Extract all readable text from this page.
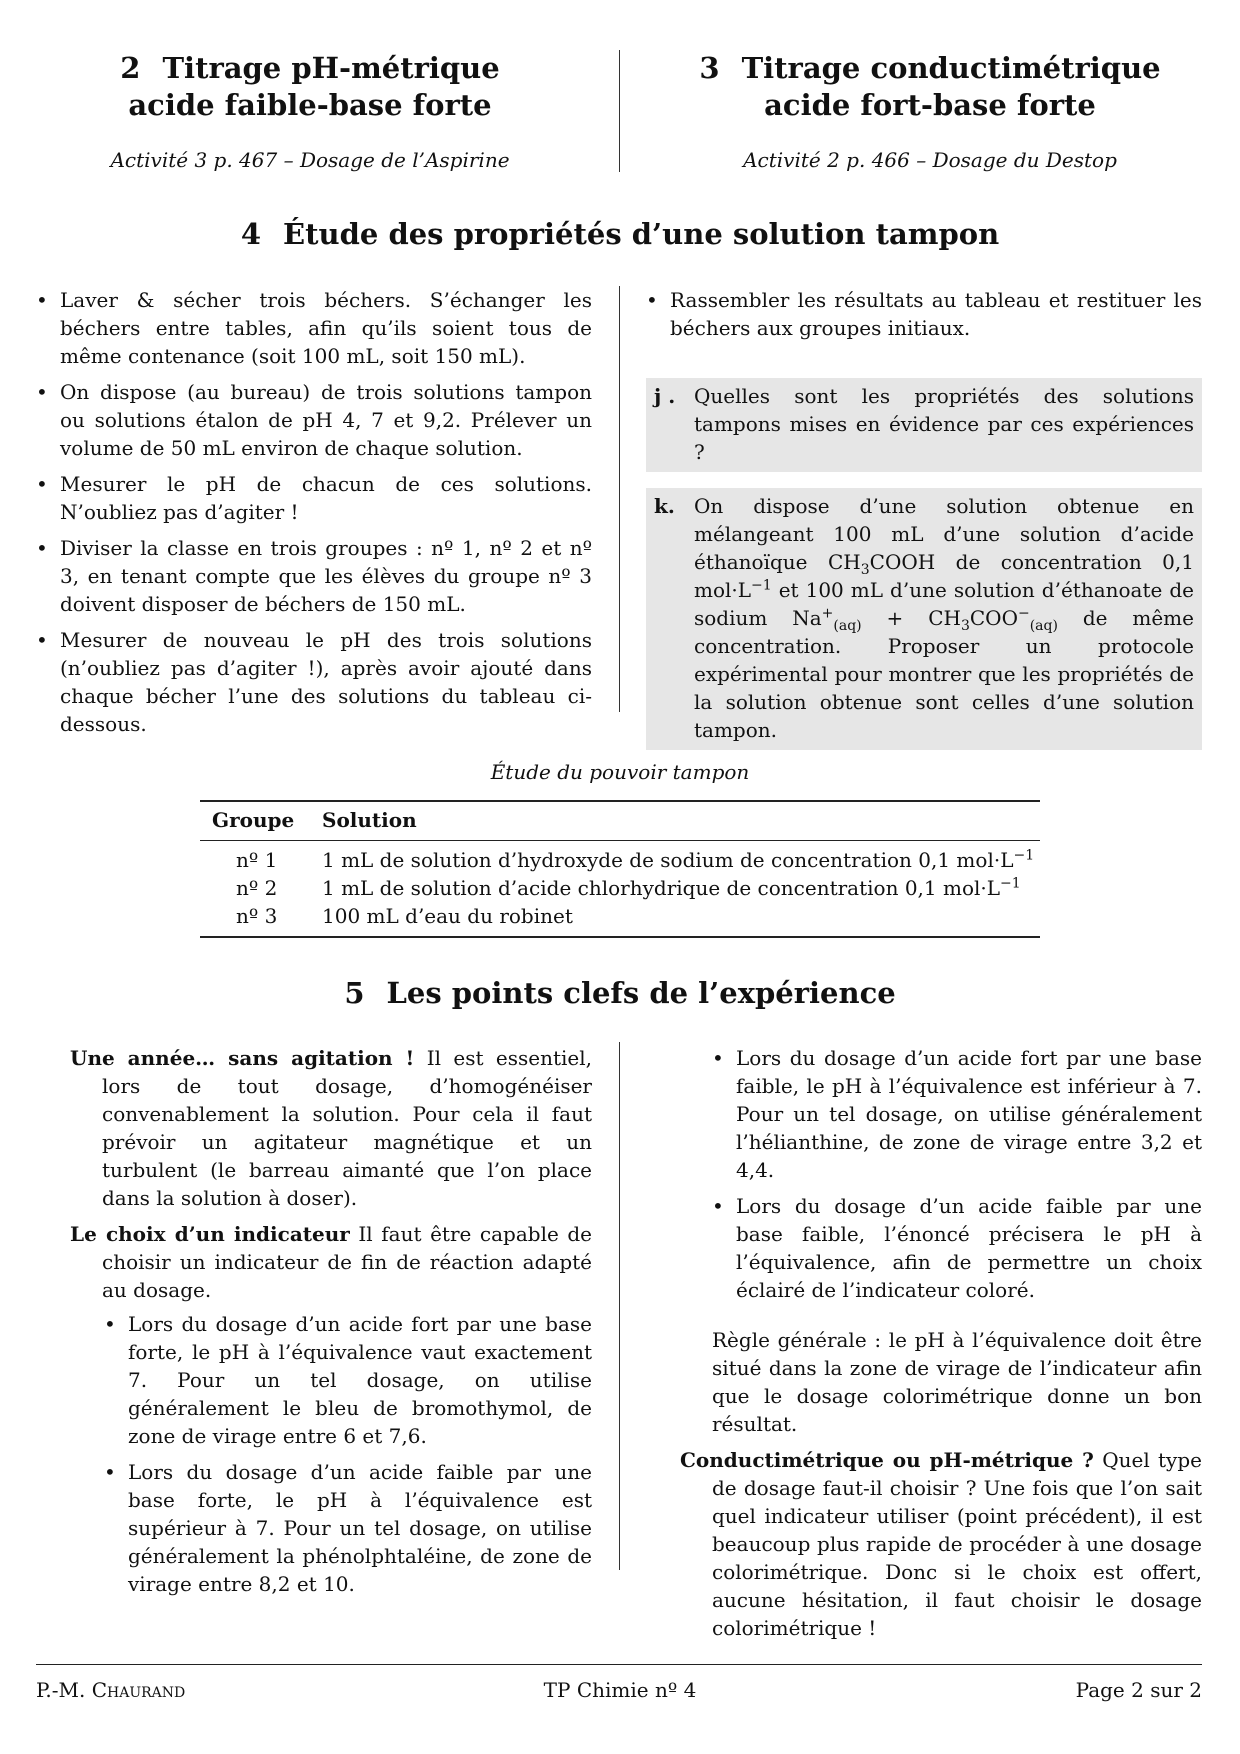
2 Titrage pH-métrique
acide faible-base forte
Activité 3 p. 467 – Dosage de l’Aspirine
3 Titrage conductimétrique
acide fort-base forte
Activité 2 p. 466 – Dosage du Destop
4 Étude des propriétés d’une solution tampon
• Laver & sécher trois béchers. S’échanger les béchers entre tables, afin qu’ils soient tous de même contenance (soit 100 mL, soit 150 mL).
• On dispose (au bureau) de trois solutions tampon ou solutions étalon de pH 4, 7 et 9,2. Prélever un volume de 50 mL environ de chaque solution.
• Mesurer le pH de chacun de ces solutions. N’oubliez pas d’agiter !
• Diviser la classe en trois groupes : nº 1, nº 2 et nº 3, en tenant compte que les élèves du groupe nº 3 doivent disposer de béchers de 150 mL.
• Mesurer de nouveau le pH des trois solutions (n’oubliez pas d’agiter !), après avoir ajouté dans chaque bécher l’une des solutions du tableau ci-dessous.
• Rassembler les résultats au tableau et restituer les béchers aux groupes initiaux.
j . Quelles sont les propriétés des solutions tampons mises en évidence par ces expériences ?
k. On dispose d’une solution obtenue en mélangeant 100 mL d’une solution d’acide éthanoïque $CH_3COOH$ de concentration 0,1 $mol\cdot L^{-1}$ et 100 mL d’une solution d’éthanoate de sodium $Na^+_{(aq)} + CH_3COO^-_{(aq)}$ de même concentration. Proposer un protocole expérimental pour montrer que les propriétés de la solution obtenue sont celles d’une solution tampon.
Étude du pouvoir tampon
Groupe Solution
nº 1 1 mL de solution d’hydroxyde de sodium de concentration 0,1 $mol\cdot L^{-1}$
nº 2 1 mL de solution d’acide chlorhydrique de concentration 0,1 $mol\cdot L^{-1}$
nº 3 100 mL d’eau du robinet
5 Les points clefs de l’expérience
Une année… sans agitation ! Il est essentiel, lors de tout dosage, d’homogénéiser convenablement la solution. Pour cela il faut prévoir un agitateur magnétique et un turbulent (le barreau aimanté que l’on place dans la solution à doser).
Le choix d’un indicateur Il faut être capable de choisir un indicateur de fin de réaction adapté au dosage.
• Lors du dosage d’un acide fort par une base forte, le pH à l’équivalence vaut exactement 7. Pour un tel dosage, on utilise généralement le bleu de bromothymol, de zone de virage entre 6 et 7,6.
• Lors du dosage d’un acide faible par une base forte, le pH à l’équivalence est supérieur à 7. Pour un tel dosage, on utilise généralement la phénolphtaléine, de zone de virage entre 8,2 et 10.
• Lors du dosage d’un acide fort par une base faible, le pH à l’équivalence est inférieur à 7. Pour un tel dosage, on utilise généralement l’hélianthine, de zone de virage entre 3,2 et 4,4.
• Lors du dosage d’un acide faible par une base faible, l’énoncé précisera le pH à l’équivalence, afin de permettre un choix éclairé de l’indicateur coloré.
Règle générale : le pH à l’équivalence doit être situé dans la zone de virage de l’indicateur afin que le dosage colorimétrique donne un bon résultat.
Conductimétrique ou pH-métrique ? Quel type de dosage faut-il choisir ? Une fois que l’on sait quel indicateur utiliser (point précédent), il est beaucoup plus rapide de procéder à une dosage colorimétrique. Donc si le choix est offert, aucune hésitation, il faut choisir le dosage colorimétrique !
P.-M. Chaurand	TP Chimie nº 4	Page 2 sur 2
